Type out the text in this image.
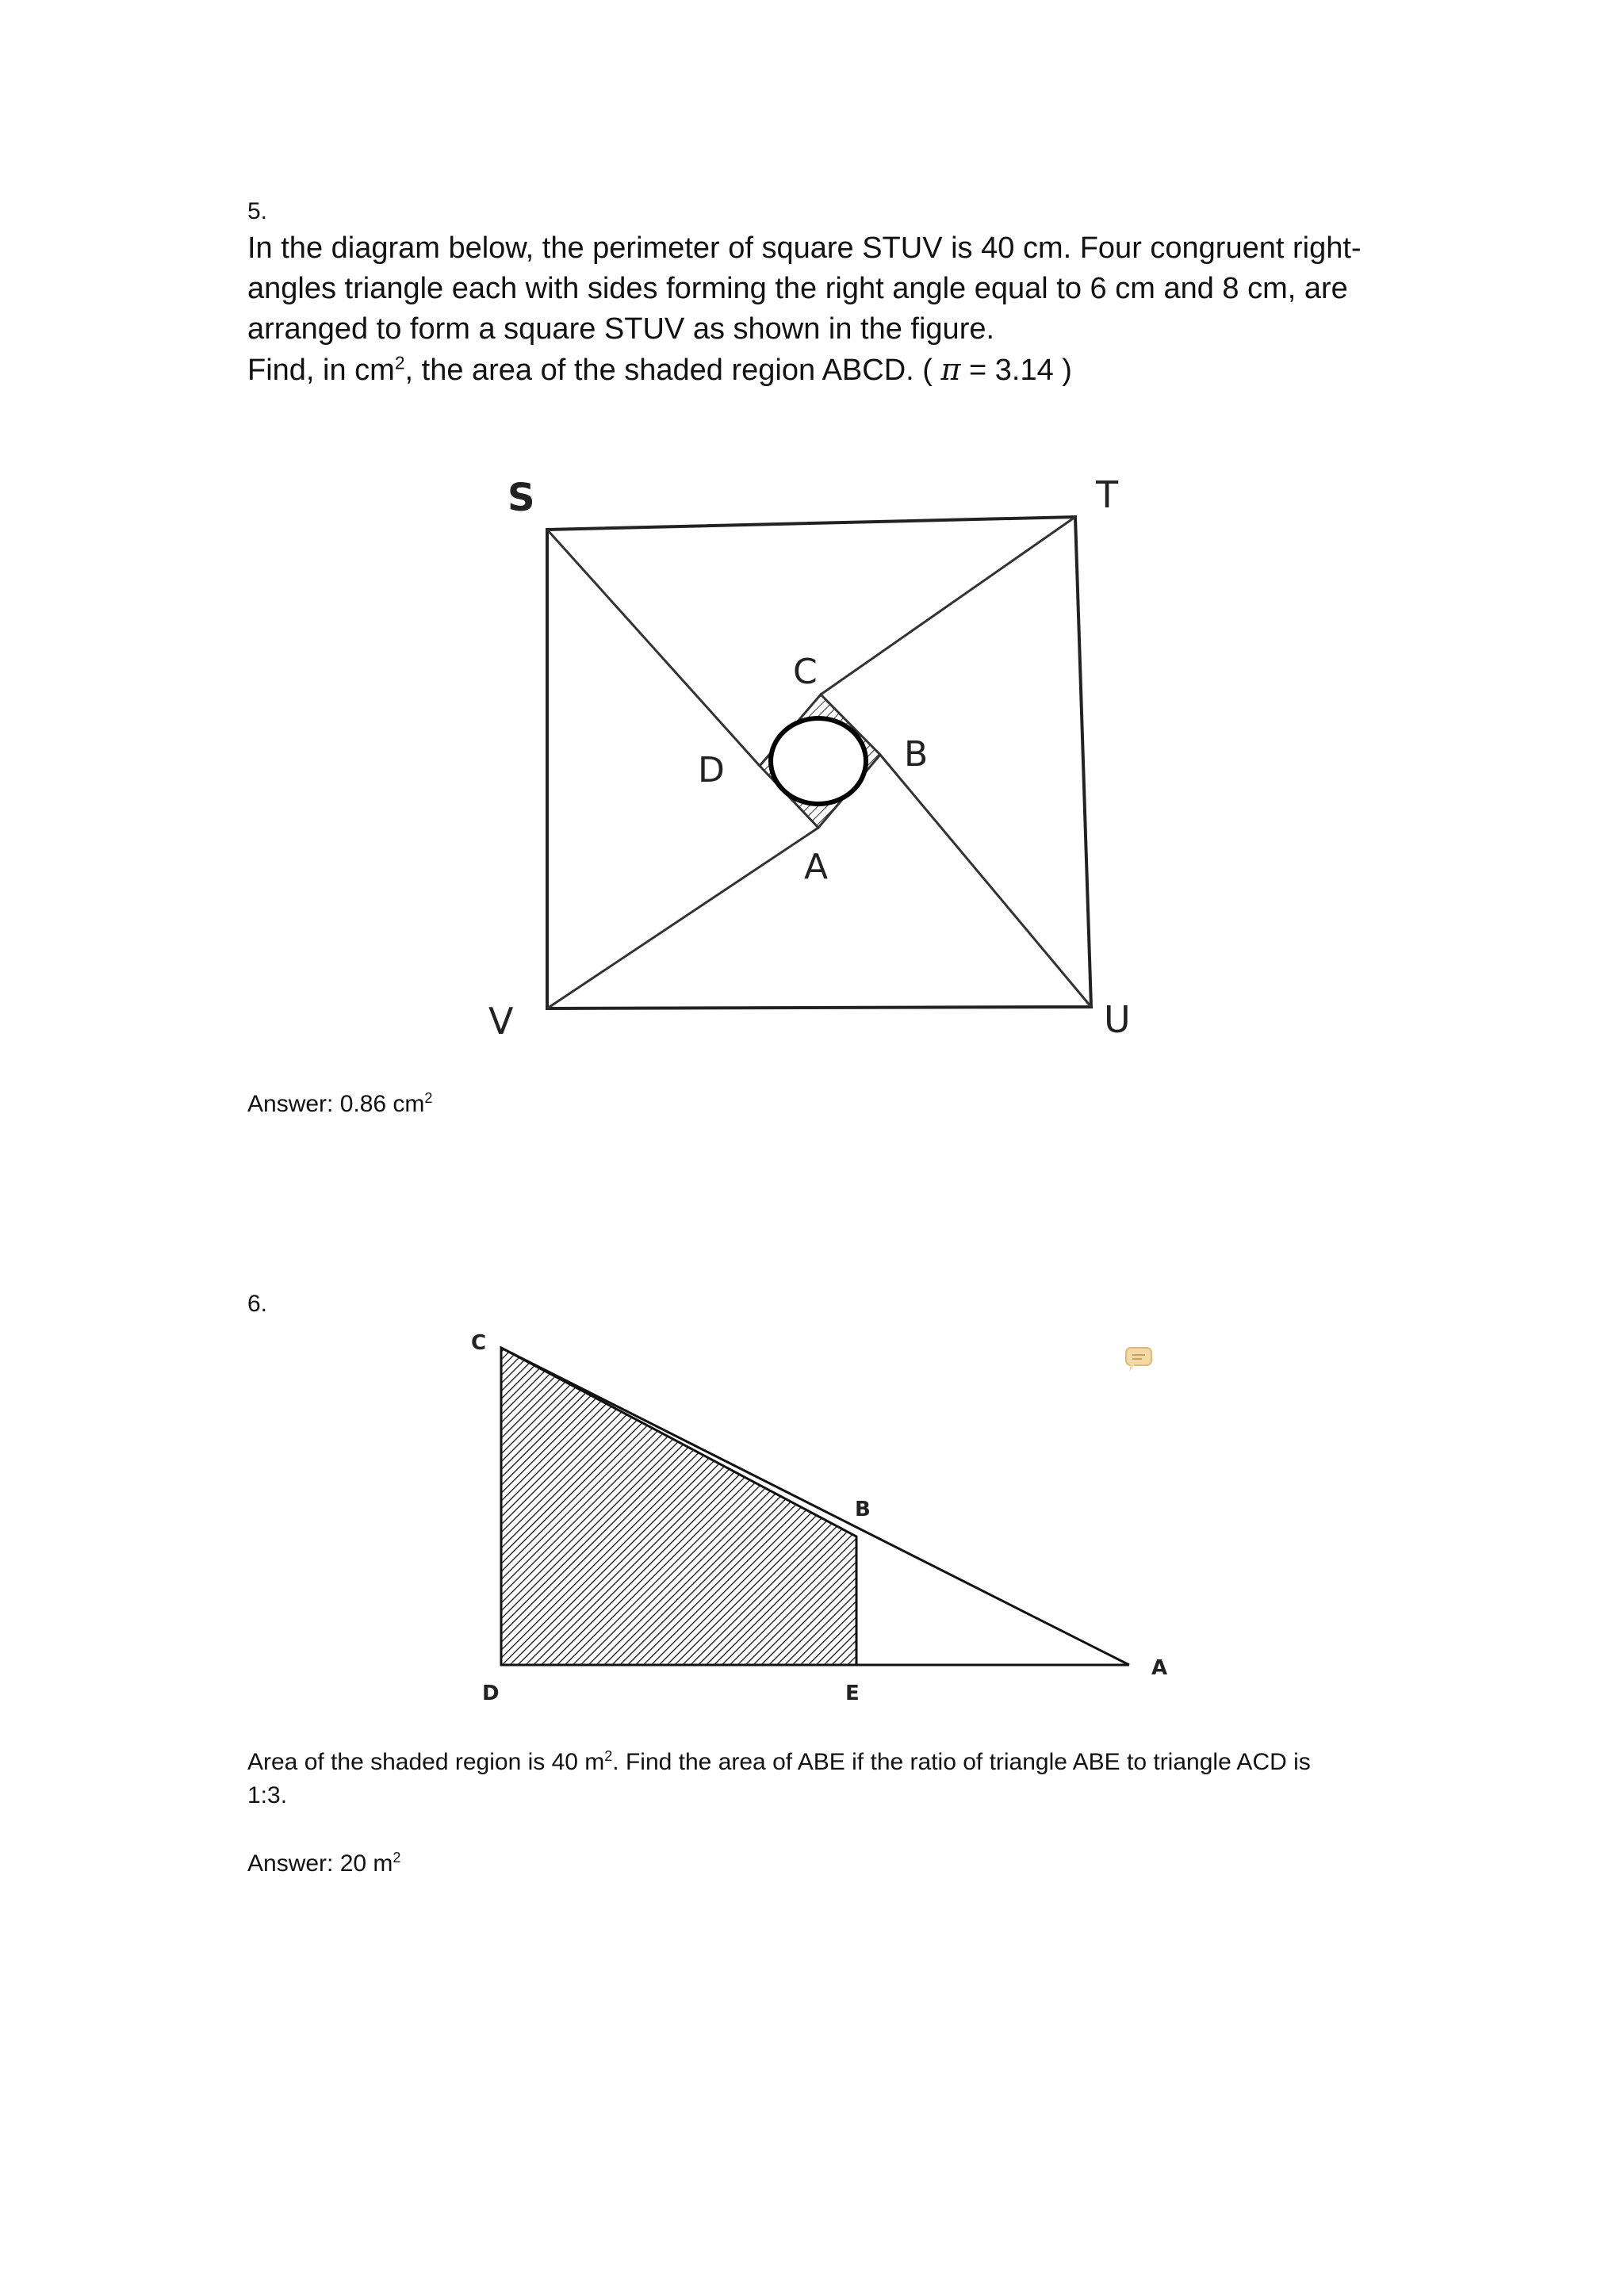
5.

In the diagram below, the perimeter of square STUV is 40 cm. Four congruent right-

angles triangle each with sides forming the right angle equal to 6 cm and 8 cm, are

arranged to form a square STUV as shown in the figure.

Find, in $cm^2$, the area of the shaded region ABCD. ( π = 3.14 )

S	T
U
V
C
B
A
D
C
B
A
D	E
Answer: 0.86 $cm^2$
6.
Area of the shaded region is 40 $m^2$. Find the area of ABE if the ratio of triangle ABE to triangle ACD is
1:3.
Answer: 20 $m^2$
